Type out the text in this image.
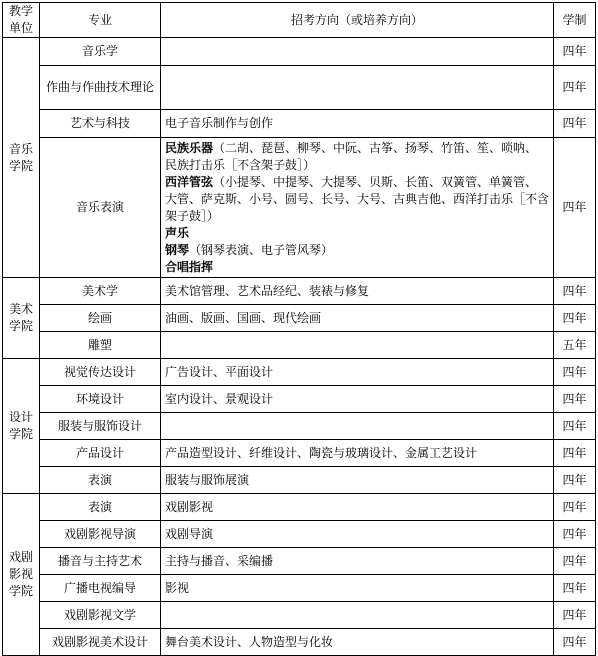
教学单位	专业	招考方向（或培养方向）	学制
音乐学院	音乐学		四年
	作曲与作曲技术理论		四年
	艺术与科技	电子音乐制作与创作	四年
	音乐表演	民族乐器（二胡、琵琶、柳琴、中阮、古筝、扬琴、竹笛、笙、唢呐、民族打击乐［不含架子鼓］）
西洋管弦（小提琴、中提琴、大提琴、贝斯、长笛、双簧管、单簧管、大管、萨克斯、小号、圆号、长号、大号、古典吉他、西洋打击乐［不含架子鼓］）
声乐
钢琴（钢琴表演、电子管风琴）
合唱指挥	四年
美术学院	美术学	美术馆管理、艺术品经纪、装裱与修复	四年
	绘画	油画、版画、国画、现代绘画	四年
	雕塑		五年
设计学院	视觉传达设计	广告设计、平面设计	四年
	环境设计	室内设计、景观设计	四年
	服装与服饰设计		四年
	产品设计	产品造型设计、纤维设计、陶瓷与玻璃设计、金属工艺设计	四年
	表演	服装与服饰展演	四年
戏剧影视学院	表演	戏剧影视	四年
	戏剧影视导演	戏剧导演	四年
	播音与主持艺术	主持与播音、采编播	四年
	广播电视编导	影视	四年
	戏剧影视文学		四年
	戏剧影视美术设计	舞台美术设计、人物造型与化妆	四年
